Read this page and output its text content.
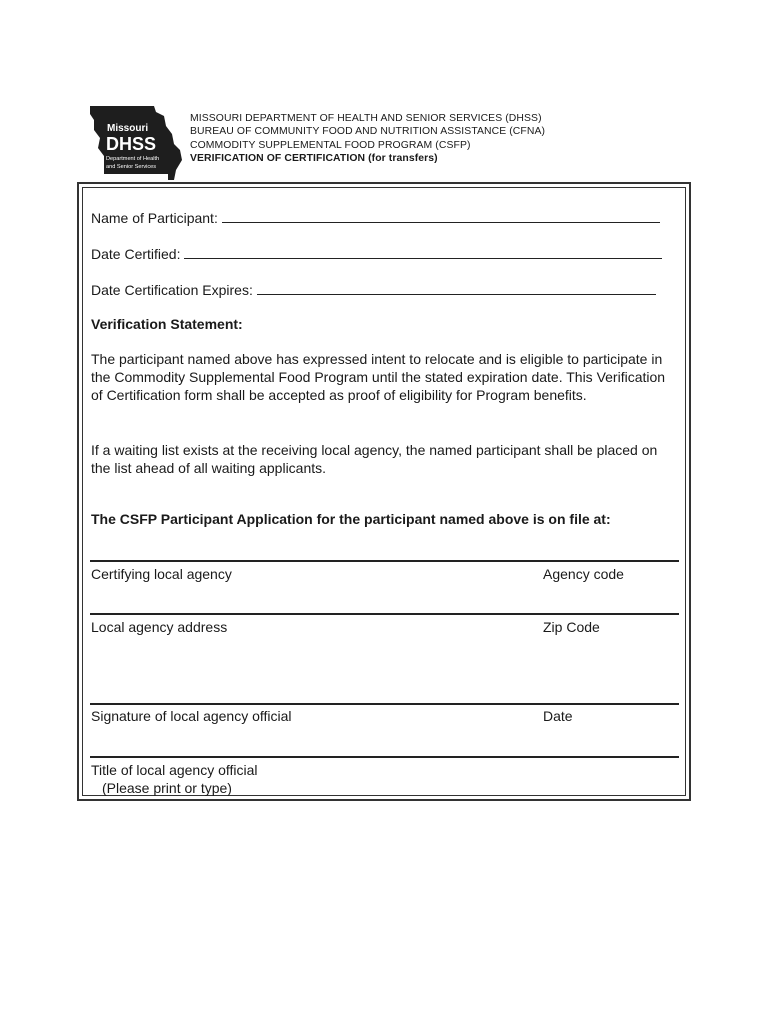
Missouri
DHSS
Department of Health
and Senior Services
MISSOURI DEPARTMENT OF HEALTH AND SENIOR SERVICES (DHSS)
BUREAU OF COMMUNITY FOOD AND NUTRITION ASSISTANCE (CFNA)
COMMODITY SUPPLEMENTAL FOOD PROGRAM (CSFP)
VERIFICATION OF CERTIFICATION (for transfers)
Name of Participant:
Date Certified:
Date Certification Expires:
Verification Statement:
The participant named above has expressed intent to relocate and is eligible to participate in the Commodity Supplemental Food Program until the stated expiration date. This Verification of Certification form shall be accepted as proof of eligibility for Program benefits.
If a waiting list exists at the receiving local agency, the named participant shall be placed on the list ahead of all waiting applicants.
The CSFP Participant Application for the participant named above is on file at:
Certifying local agency	Agency code
Local agency address	Zip Code
Signature of local agency official	Date
Title of local agency official
(Please print or type)
